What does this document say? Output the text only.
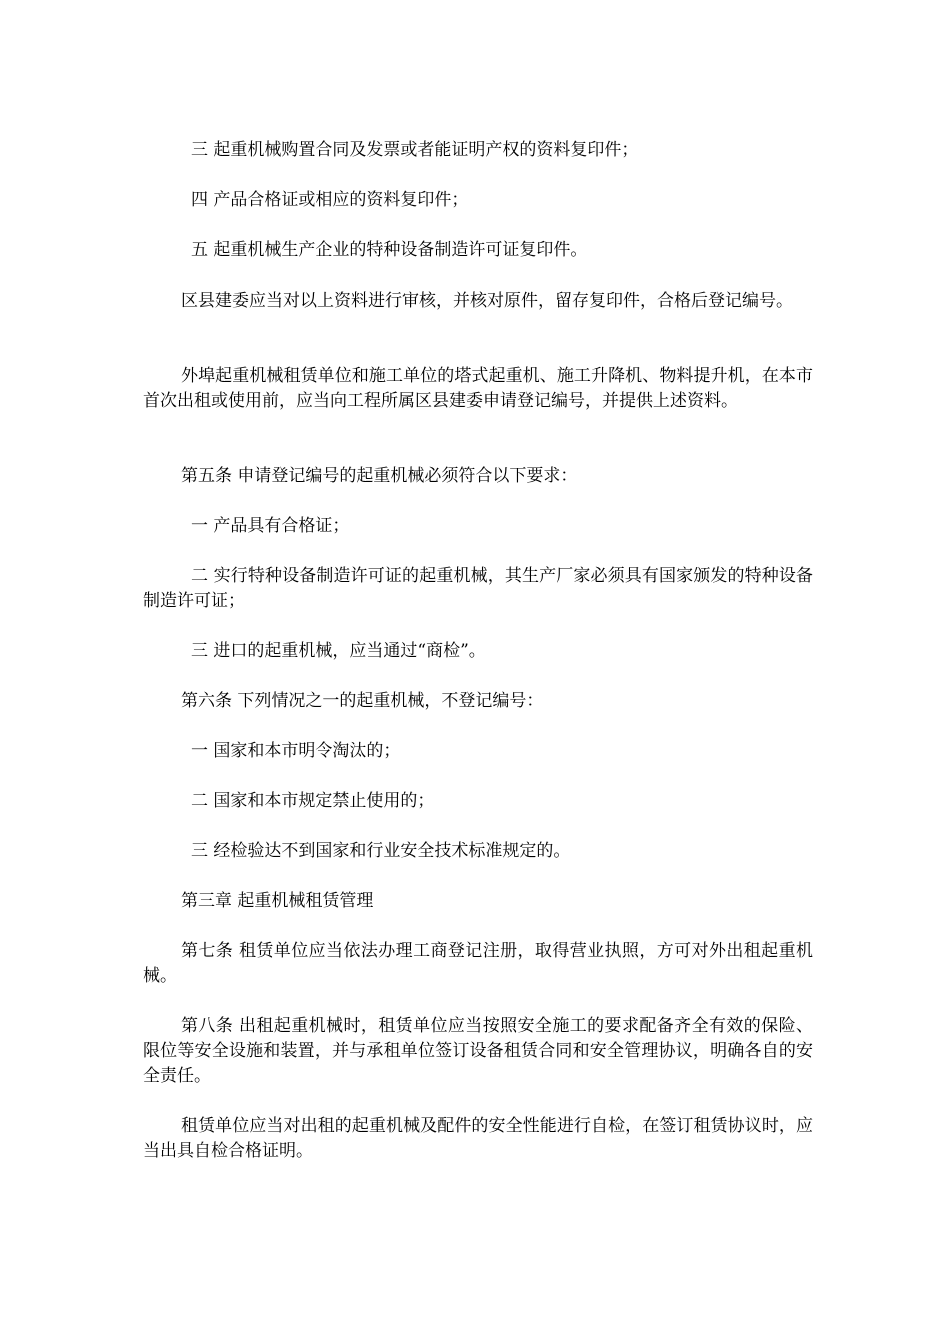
三 起重机械购置合同及发票或者能证明产权的资料复印件；

四 产品合格证或相应的资料复印件；

五 起重机械生产企业的特种设备制造许可证复印件。

区县建委应当对以上资料进行审核，并核对原件，留存复印件，合格后登记编号。

外埠起重机械租赁单位和施工单位的塔式起重机、施工升降机、物料提升机，在本市首次出租或使用前，应当向工程所属区县建委申请登记编号，并提供上述资料。

第五条 申请登记编号的起重机械必须符合以下要求：

一 产品具有合格证；

二 实行特种设备制造许可证的起重机械，其生产厂家必须具有国家颁发的特种设备制造许可证；

三 进口的起重机械，应当通过“商检”。

第六条 下列情况之一的起重机械，不登记编号：

一 国家和本市明令淘汰的；

二 国家和本市规定禁止使用的；

三 经检验达不到国家和行业安全技术标准规定的。

第三章 起重机械租赁管理

第七条 租赁单位应当依法办理工商登记注册，取得营业执照，方可对外出租起重机械。

第八条 出租起重机械时，租赁单位应当按照安全施工的要求配备齐全有效的保险、限位等安全设施和装置，并与承租单位签订设备租赁合同和安全管理协议，明确各自的安全责任。

租赁单位应当对出租的起重机械及配件的安全性能进行自检，在签订租赁协议时，应当出具自检合格证明。
